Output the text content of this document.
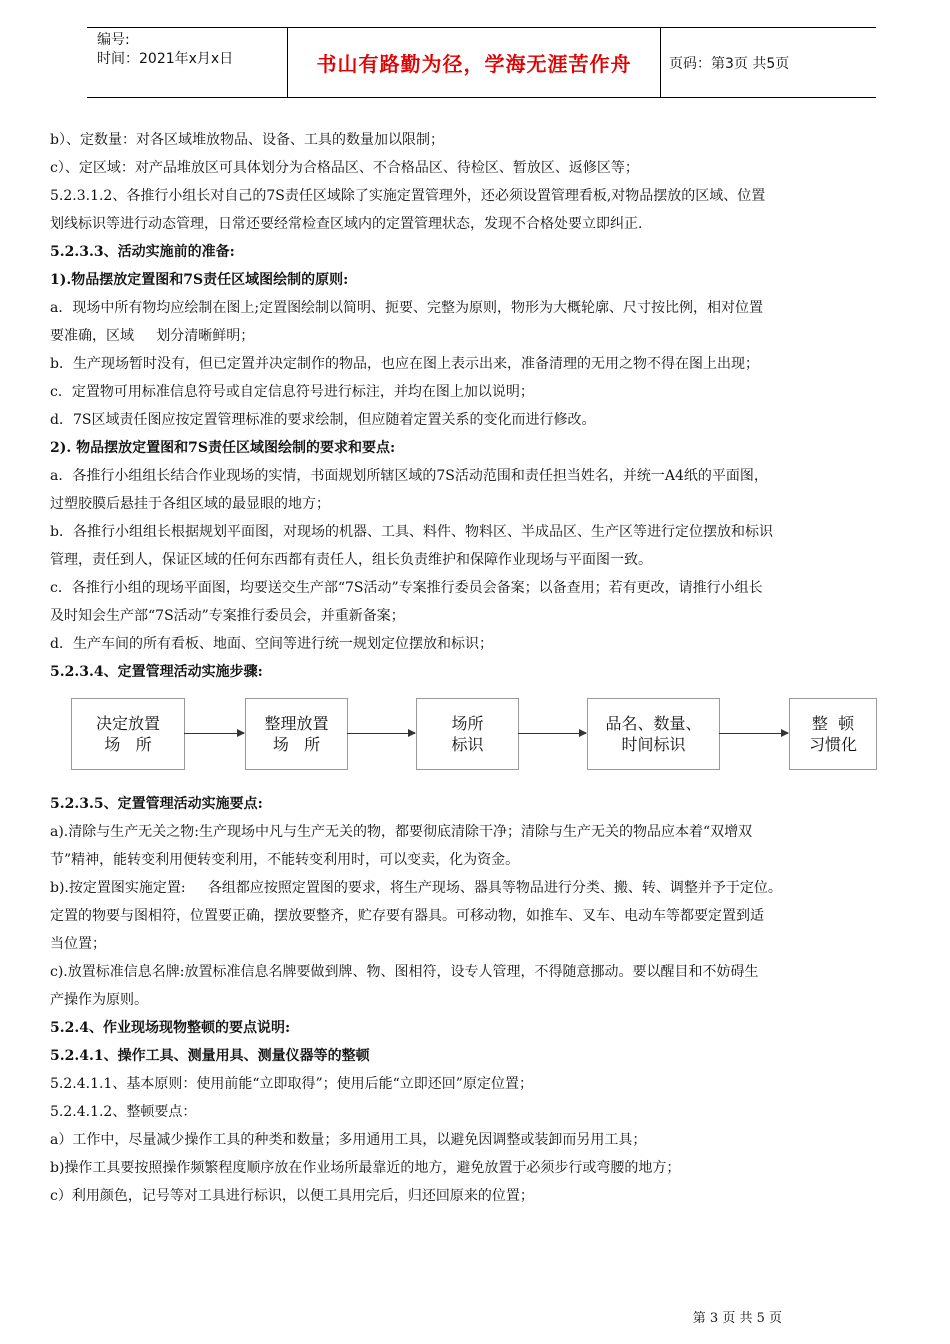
编号:
时间：2021年x月x日	书山有路勤为径，学海无涯苦作舟	页码：第3页 共5页

b）、定数量：对各区域堆放物品、设备、工具的数量加以限制；

c）、定区域：对产品堆放区可具体划分为合格品区、不合格品区、待检区、暂放区、返修区等；

5.2.3.1.2、各推行小组长对自己的7S责任区域除了实施定置管理外，还必须设置管理看板,对物品摆放的区域、位置

划线标识等进行动态管理，日常还要经常检查区域内的定置管理状态，发现不合格处要立即纠正.

5.2.3.3、活动实施前的准备:

1).物品摆放定置图和7S责任区域图绘制的原则:

a．现场中所有物均应绘制在图上;定置图绘制以简明、扼要、完整为原则，物形为大概轮廓、尺寸按比例，相对位置

要准确，区域     划分清晰鲜明；

b．生产现场暂时没有，但已定置并决定制作的物品，也应在图上表示出来，准备清理的无用之物不得在图上出现；

c．定置物可用标准信息符号或自定信息符号进行标注，并均在图上加以说明；

d．7S区域责任图应按定置管理标准的要求绘制，但应随着定置关系的变化而进行修改。

2). 物品摆放定置图和7S责任区域图绘制的要求和要点:

a．各推行小组组长结合作业现场的实情，书面规划所辖区域的7S活动范围和责任担当姓名，并统一A4纸的平面图，

过塑胶膜后悬挂于各组区域的最显眼的地方；

b．各推行小组组长根据规划平面图，对现场的机器、工具、料件、物料区、半成品区、生产区等进行定位摆放和标识

管理，责任到人，保证区域的任何东西都有责任人，组长负责维护和保障作业现场与平面图一致。

c．各推行小组的现场平面图，均要送交生产部“7S活动”专案推行委员会备案；以备查用；若有更改，请推行小组长

及时知会生产部“7S活动”专案推行委员会，并重新备案；

d．生产车间的所有看板、地面、空间等进行统一规划定位摆放和标识；

5.2.3.4、定置管理活动实施步骤:

决定放置
场   所
整理放置
场   所
场所
标识
品名、数量、
时间标识
整  顿
习惯化

5.2.3.5、定置管理活动实施要点:

a).清除与生产无关之物:生产现场中凡与生产无关的物，都要彻底清除干净；清除与生产无关的物品应本着“双增双

节”精神，能转变利用便转变利用，不能转变利用时，可以变卖，化为资金。

b).按定置图实施定置:     各组都应按照定置图的要求，将生产现场、器具等物品进行分类、搬、转、调整并予于定位。

定置的物要与图相符，位置要正确，摆放要整齐，贮存要有器具。可移动物，如推车、叉车、电动车等都要定置到适

当位置；

c).放置标准信息名牌:放置标准信息名牌要做到牌、物、图相符，设专人管理，不得随意挪动。要以醒目和不妨碍生

产操作为原则。

5.2.4、作业现场现物整顿的要点说明:

5.2.4.1、操作工具、测量用具、测量仪器等的整顿

5.2.4.1.1、基本原则：使用前能“立即取得”；使用后能“立即还回”原定位置；

5.2.4.1.2、整顿要点：

a）工作中，尽量减少操作工具的种类和数量；多用通用工具，以避免因调整或装卸而另用工具；

b)操作工具要按照操作频繁程度顺序放在作业场所最靠近的地方，避免放置于必须步行或弯腰的地方；

c）利用颜色，记号等对工具进行标识，以便工具用完后，归还回原来的位置；

第 3 页 共 5 页
